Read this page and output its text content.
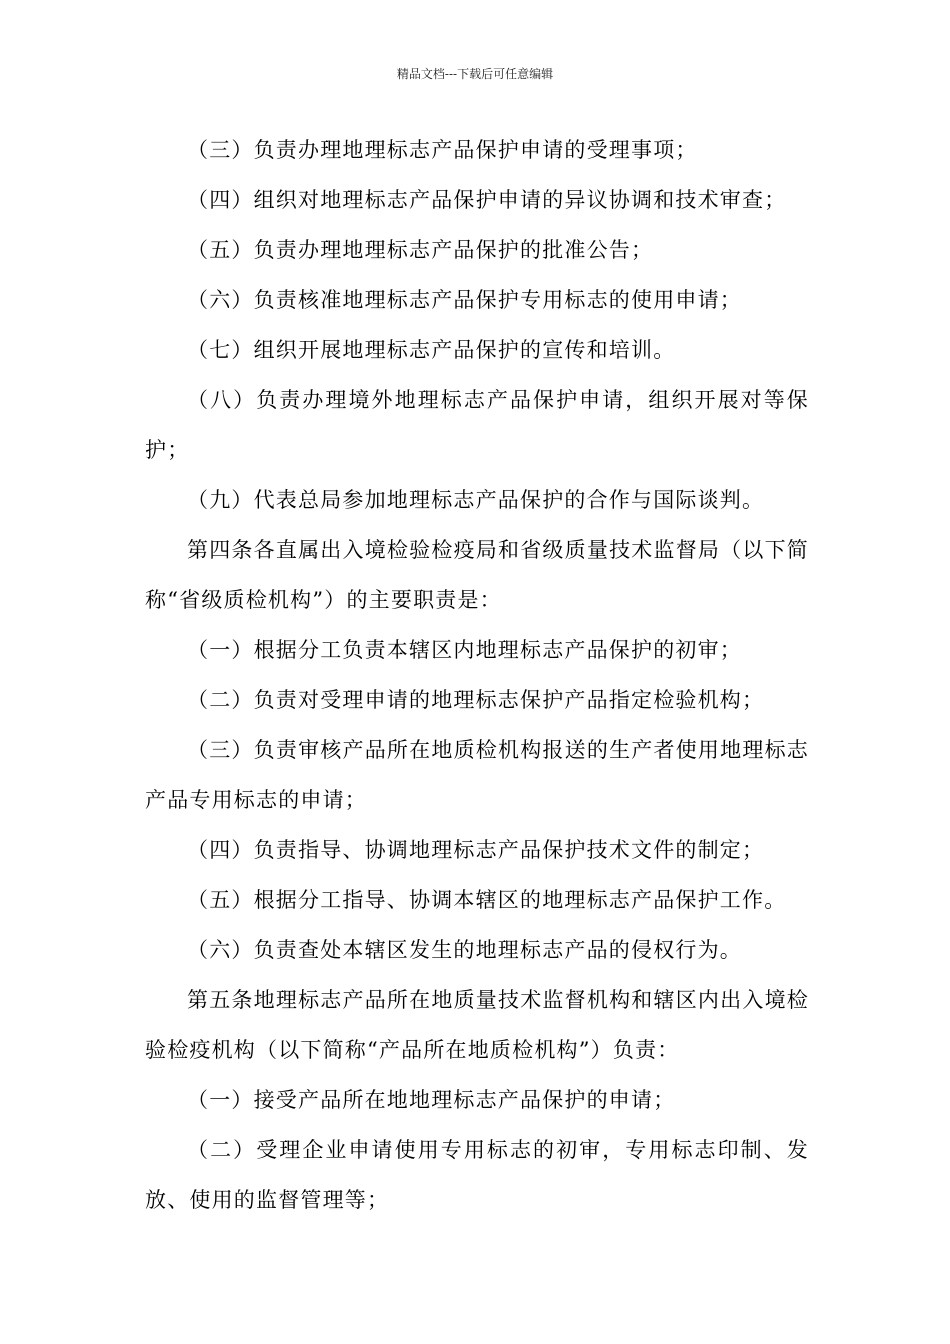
精品文档---下载后可任意编辑

（三）负责办理地理标志产品保护申请的受理事项；

（四）组织对地理标志产品保护申请的异议协调和技术审查；

（五）负责办理地理标志产品保护的批准公告；

（六）负责核准地理标志产品保护专用标志的使用申请；

（七）组织开展地理标志产品保护的宣传和培训。

（八）负责办理境外地理标志产品保护申请，组织开展对等保护；

（九）代表总局参加地理标志产品保护的合作与国际谈判。

第四条各直属出入境检验检疫局和省级质量技术监督局（以下简称“省级质检机构”）的主要职责是：

（一）根据分工负责本辖区内地理标志产品保护的初审；

（二）负责对受理申请的地理标志保护产品指定检验机构；

（三）负责审核产品所在地质检机构报送的生产者使用地理标志产品专用标志的申请；

（四）负责指导、协调地理标志产品保护技术文件的制定；

（五）根据分工指导、协调本辖区的地理标志产品保护工作。

（六）负责查处本辖区发生的地理标志产品的侵权行为。

第五条地理标志产品所在地质量技术监督机构和辖区内出入境检验检疫机构（以下简称“产品所在地质检机构”）负责：

（一）接受产品所在地地理标志产品保护的申请；

（二）受理企业申请使用专用标志的初审，专用标志印制、发放、使用的监督管理等；
